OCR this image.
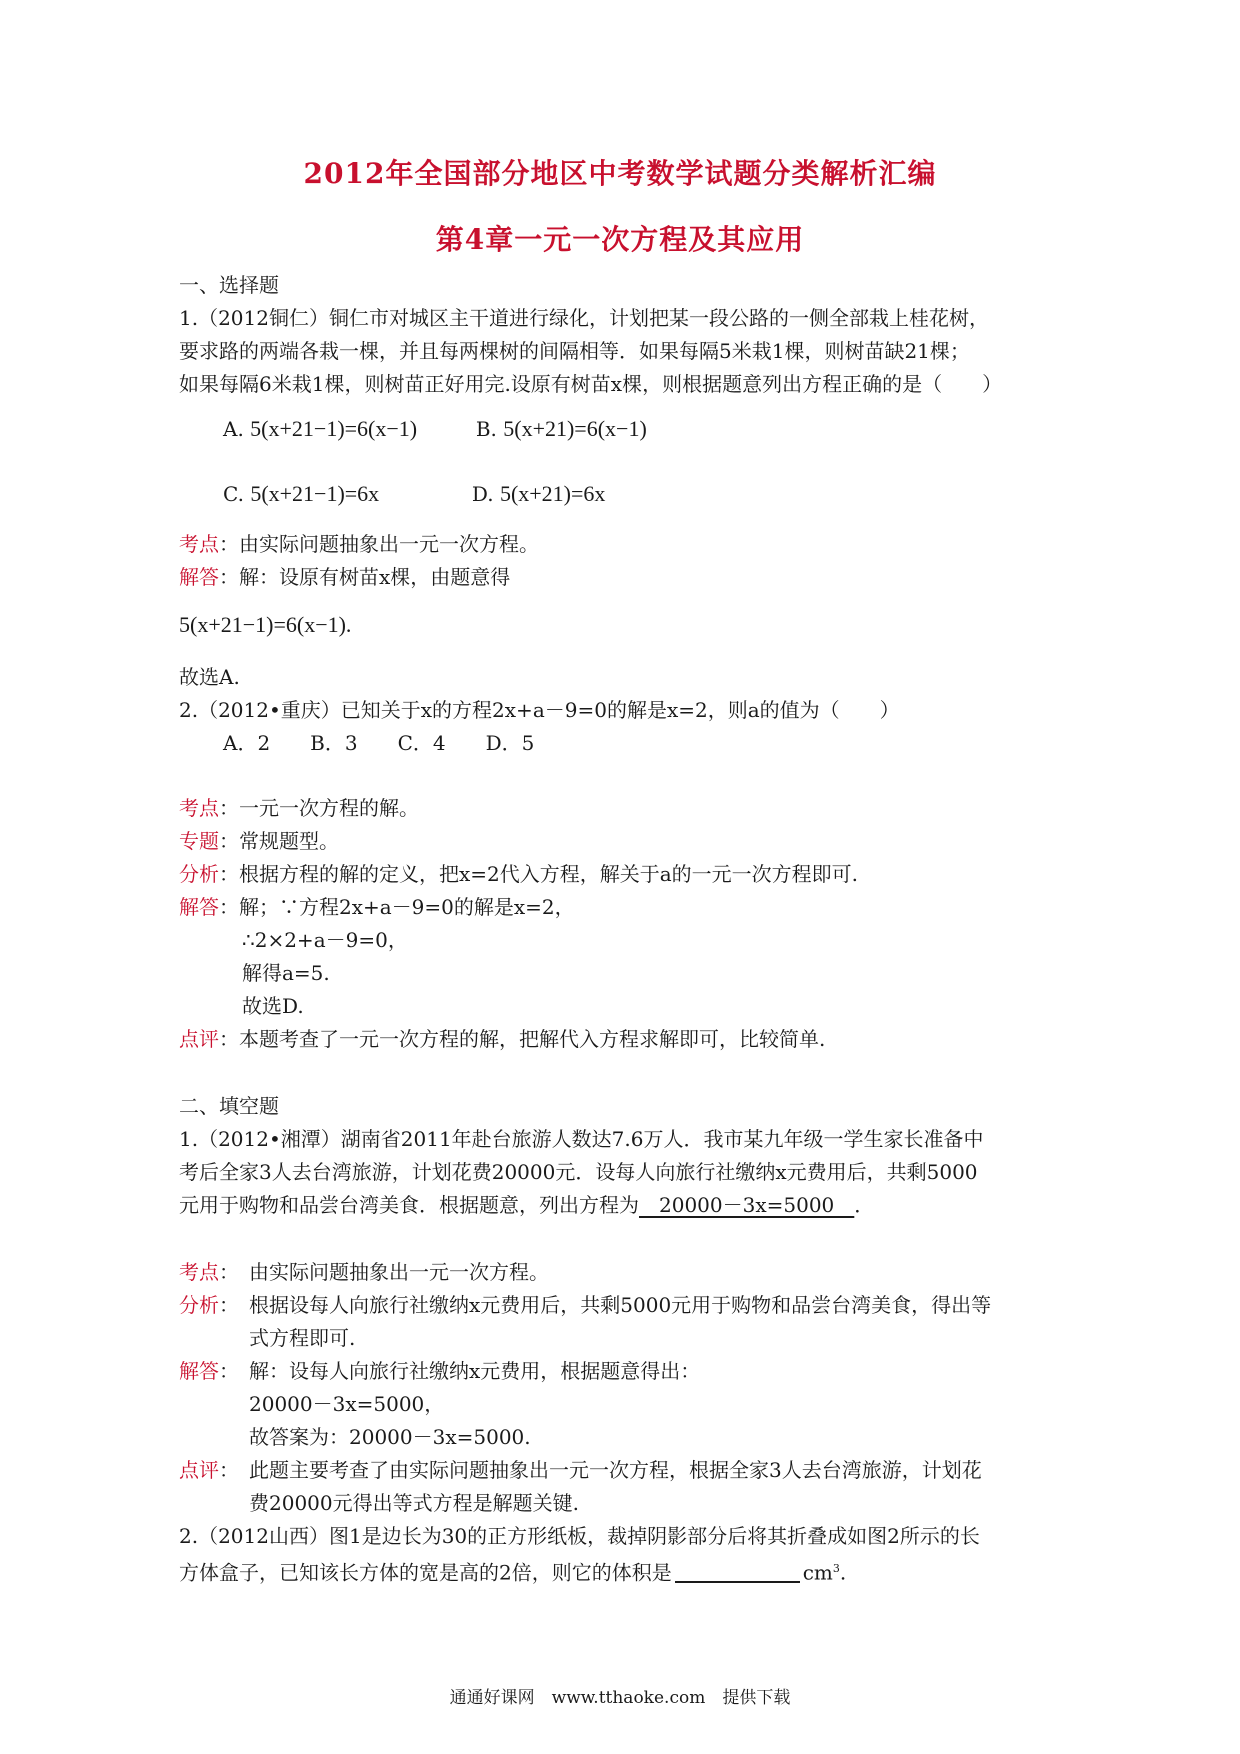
2012年全国部分地区中考数学试题分类解析汇编
第4章一元一次方程及其应用
一、选择题
1.（2012铜仁）铜仁市对城区主干道进行绿化，计划把某一段公路的一侧全部栽上桂花树，
要求路的两端各栽一棵，并且每两棵树的间隔相等．如果每隔5米栽1棵，则树苗缺21棵；
如果每隔6米栽1棵，则树苗正好用完.设原有树苗x棵，则根据题意列出方程正确的是（　　）
A. 5(x+21−1)=6(x−1)	B. 5(x+21)=6(x−1)
C. 5(x+21−1)=6x	D. 5(x+21)=6x
考点：由实际问题抽象出一元一次方程。
解答：解：设原有树苗x棵，由题意得
5(x+21−1)=6(x−1).
故选A.
2.（2012•重庆）已知关于x的方程2x+a－9=0的解是x=2，则a的值为（　　）
A．2　　B．3　　C．4　　D．5
考点：一元一次方程的解。
专题：常规题型。
分析：根据方程的解的定义，把x=2代入方程，解关于a的一元一次方程即可.
解答：解；∵方程2x+a－9=0的解是x=2，
∴2×2+a－9=0，
解得a=5.
故选D.
点评：本题考查了一元一次方程的解，把解代入方程求解即可，比较简单.
二、填空题
1.（2012•湘潭）湖南省2011年赴台旅游人数达7.6万人．我市某九年级一学生家长准备中
考后全家3人去台湾旅游，计划花费20000元．设每人向旅行社缴纳x元费用后，共剩5000
元用于购物和品尝台湾美食．根据题意，列出方程为　20000－3x=5000　．
考点：　由实际问题抽象出一元一次方程。
分析：　根据设每人向旅行社缴纳x元费用后，共剩5000元用于购物和品尝台湾美食，得出等
式方程即可.
解答：　解：设每人向旅行社缴纳x元费用，根据题意得出：
20000－3x=5000，
故答案为：20000－3x=5000.
点评：　此题主要考查了由实际问题抽象出一元一次方程，根据全家3人去台湾旅游，计划花
费20000元得出等式方程是解题关键.
2.（2012山西）图1是边长为30的正方形纸板，裁掉阴影部分后将其折叠成如图2所示的长
方体盒子，已知该长方体的宽是高的2倍，则它的体积是	$cm^3$.
通通好课网　www.tthaoke.com　提供下载
